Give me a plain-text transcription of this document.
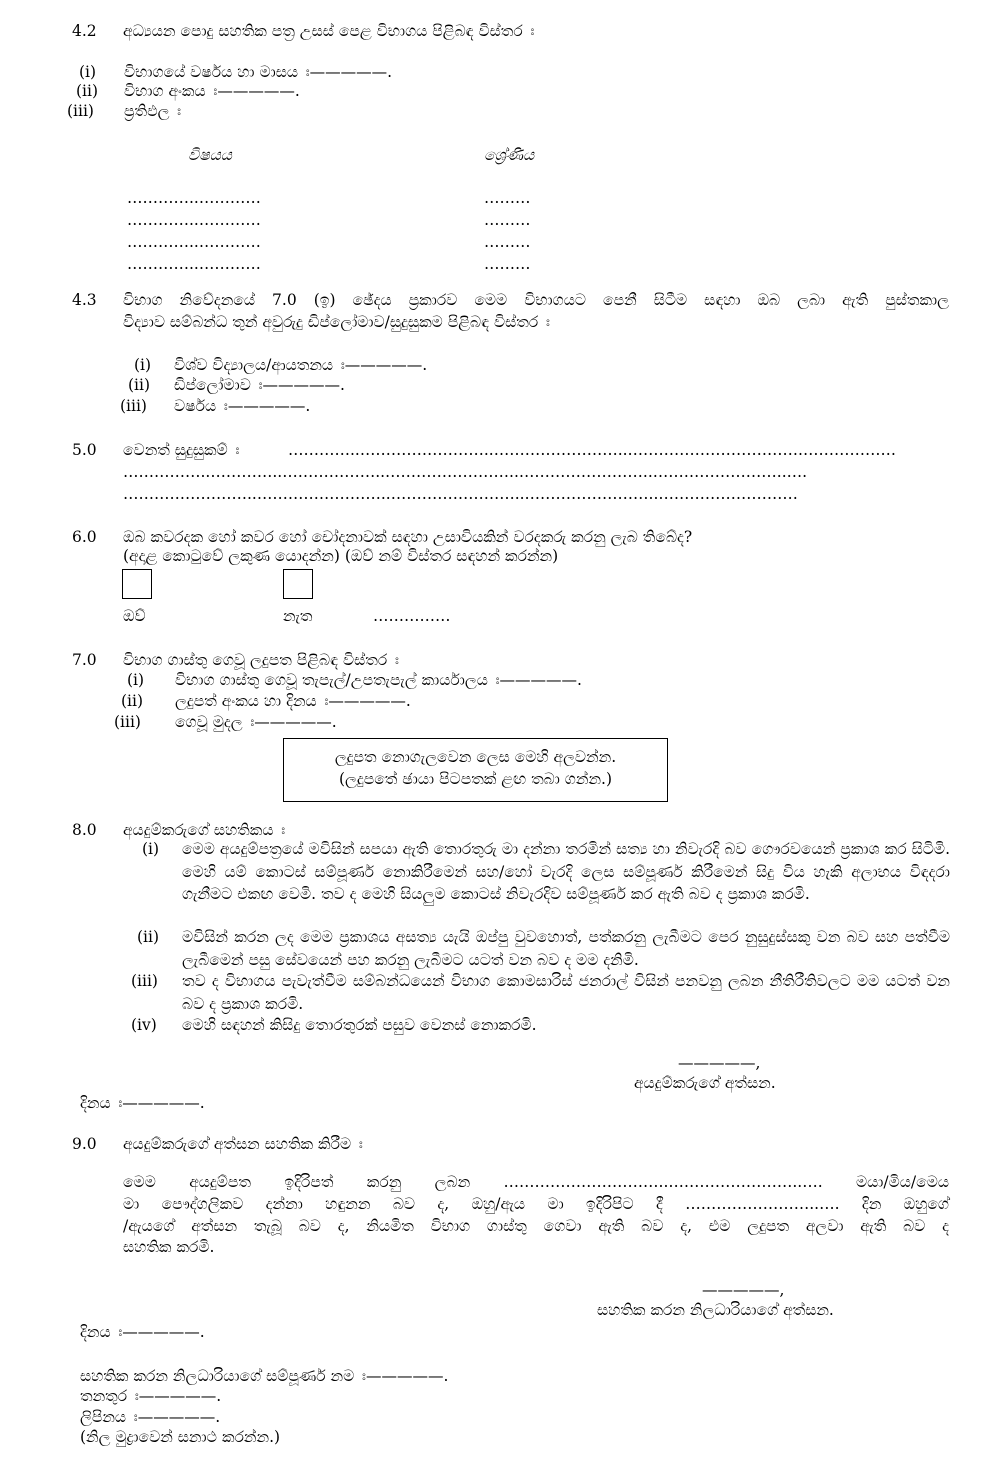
4.2 අධ්‍යයන පොදු සහතික පත්‍ර උසස් පෙළ විභාගය පිළිබඳ විස්තර ඃ
(i) විභාගයේ වර්ෂය හා මාසය ඃ—————.
(ii) විභාග අංකය ඃ—————.
(iii) ප්‍රතිඵල ඃ
විෂයය	ශ්‍රේණිය
…………..…………	………
…………..…………	………
…………..…………	………
…………..…………	………
4.3 විභාග නිවේදනයේ 7.0 (ඉ) ඡේදය ප්‍රකාරව මෙම විභාගයට පෙනී සිටීම සඳහා ඔබ ලබා ඇති පුස්තකාල
විද්‍යාව සම්බන්ධ තුන් අවුරුදු ඩිප්ලෝමාව/සුදුසුකම පිළිබඳ විස්තර ඃ
(i) විශ්ව විද්‍යාලය/ආයතනය ඃ—————.
(ii) ඩිප්ලෝමාව ඃ—————.
(iii) වර්ෂය ඃ—————.
5.0 වෙනත් සුදුසුකම් ඃ	…………..……………………..……………………..…………………………….………………
……………..…………..………………..……………………..……………………..……………………..….
……………………..……………………..……………………..……………………..………………………
6.0 ඔබ කවරදක හෝ කවර හෝ චෝදනාවක් සඳහා උසාවියකින් වරදකරු කරනු ලැබ තිබේද?
(අදාළ කොටුවේ ලකුණ යොදන්න) (ඔව් නම් විස්තර සඳහන් කරන්න)
ඔව්	නැත	……………
7.0 විභාග ගාස්තු ගෙවූ ලදුපත පිළිබඳ විස්තර ඃ
(i) විභාග ගාස්තු ගෙවූ තැපැල්/උපතැපැල් කාර්යාලය ඃ—————.
(ii) ලදුපත් අංකය හා දිනය ඃ—————.
(iii) ගෙවූ මුදල ඃ—————.
ලදුපත නොගැලවෙන ලෙස මෙහි අලවන්න.
(ලදුපතේ ඡායා පිටපතක් ළඟ තබා ගන්න.)
8.0 අයදුම්කරුගේ සහතිකය ඃ
(i) මෙම අයදුම්පත්‍රයේ මවිසින් සපයා ඇති තොරතුරු මා දන්නා තරමින් සත්‍ය හා නිවැරදි බව ගෞරවයෙන් ප්‍රකාශ කර සිටිමි. මෙහි යම් කොටස් සම්පූර්ණ නොකිරීමෙන් සහ/හෝ වැරදි ලෙස සම්පූර්ණ කිරීමෙන් සිදු විය හැකි අලාභය විඳදරා ගැනීමට එකඟ වෙමි. තව ද මෙහි සියලුම කොටස් නිවැරදිව සම්පූර්ණ කර ඇති බව ද ප්‍රකාශ කරමි.
(ii) මවිසින් කරන ලද මෙම ප්‍රකාශය අසත්‍ය යැයි ඔප්පු වුවහොත්, පත්කරනු ලැබීමට පෙර නුසුදුස්සකු වන බව සහ පත්වීම ලැබීමෙන් පසු සේවයෙන් පහ කරනු ලැබීමට යටත් වන බව ද මම දනිමි.
(iii) තව ද විභාගය පැවැත්වීම සම්බන්ධයෙන් විභාග කොමසාරිස් ජනරාල් විසින් පනවනු ලබන නීතිරීතිවලට මම යටත් වන බව ද ප්‍රකාශ කරමි.
(iv) මෙහි සඳහන් කිසිදු තොරතුරක් පසුව වෙනස් නොකරමි.
—————,
අයදුම්කරුගේ අත්සන.
දිනය ඃ—————.
9.0 අයදුම්කරුගේ අත්සන සහතික කිරීම ඃ
මෙම අයදුම්පත ඉදිරිපත් කරනු ලබන …………………………..……………………..…. මයා/මිය/මෙය
මා පෞද්ගලිකව දන්නා හඳුනන බව ද, ඔහු/ඇය මා ඉදිරිපිට දී ……………………..…. දින ඔහුගේ
/ඇයගේ අත්සන තැබූ බව ද, නියමිත විභාග ගාස්තු ගෙවා ඇති බව ද, එම ලදුපත අලවා ඇති බව ද
සහතික කරමි.
—————,
සහතික කරන නිලධාරියාගේ අත්සන.
දිනය ඃ—————.
සහතික කරන නිලධාරියාගේ සම්පූර්ණ නම ඃ—————.
තනතුර ඃ—————.
ලිපිනය ඃ—————.
(නිල මුද්‍රාවෙන් සනාථ කරන්න.)
